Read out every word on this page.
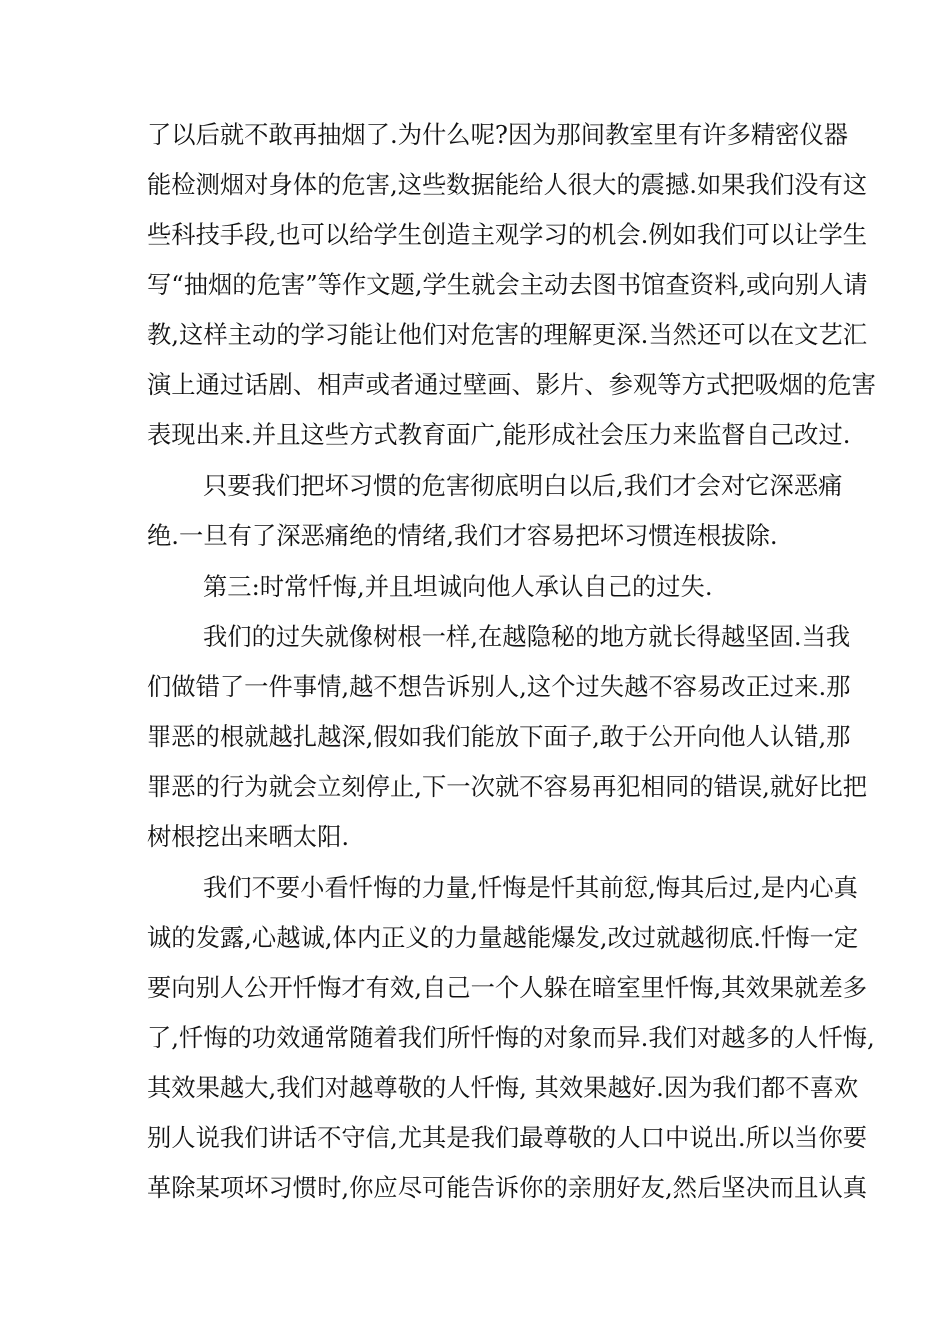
了以后就不敢再抽烟了.为什么呢?因为那间教室里有许多精密仪器
能检测烟对身体的危害,这些数据能给人很大的震撼.如果我们没有这
些科技手段,也可以给学生创造主观学习的机会.例如我们可以让学生
写“抽烟的危害”等作文题,学生就会主动去图书馆查资料,或向别人请
教,这样主动的学习能让他们对危害的理解更深.当然还可以在文艺汇
演上通过话剧、相声或者通过壁画、影片、参观等方式把吸烟的危害
表现出来.并且这些方式教育面广,能形成社会压力来监督自己改过.
只要我们把坏习惯的危害彻底明白以后,我们才会对它深恶痛
绝.一旦有了深恶痛绝的情绪,我们才容易把坏习惯连根拔除.
第三:时常忏悔,并且坦诚向他人承认自己的过失.
我们的过失就像树根一样,在越隐秘的地方就长得越坚固.当我
们做错了一件事情,越不想告诉别人,这个过失越不容易改正过来.那
罪恶的根就越扎越深,假如我们能放下面子,敢于公开向他人认错,那
罪恶的行为就会立刻停止,下一次就不容易再犯相同的错误,就好比把
树根挖出来晒太阳.
我们不要小看忏悔的力量,忏悔是忏其前愆,悔其后过,是内心真
诚的发露,心越诚,体内正义的力量越能爆发,改过就越彻底.忏悔一定
要向别人公开忏悔才有效,自己一个人躲在暗室里忏悔,其效果就差多
了,忏悔的功效通常随着我们所忏悔的对象而异.我们对越多的人忏悔,
其效果越大,我们对越尊敬的人忏悔, 其效果越好.因为我们都不喜欢
别人说我们讲话不守信,尤其是我们最尊敬的人口中说出.所以当你要
革除某项坏习惯时,你应尽可能告诉你的亲朋好友,然后坚决而且认真
